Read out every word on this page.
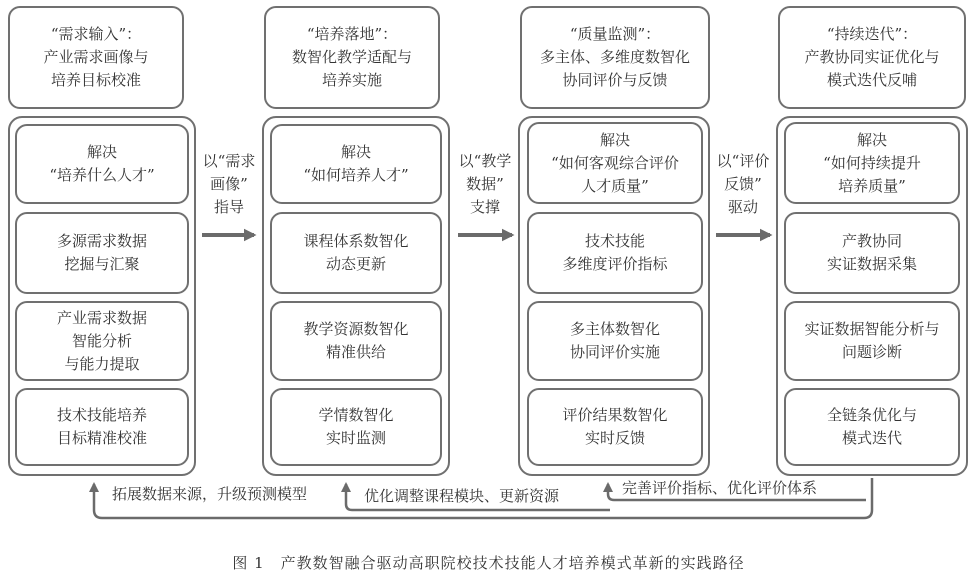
“需求输入”：
产业需求画像与
培养目标校准
解决
“培养什么人才”
多源需求数据
挖掘与汇聚
产业需求数据
智能分析
与能力提取
技术技能培养
目标精准校准
“培养落地”：
数智化教学适配与
培养实施
解决
“如何培养人才”
课程体系数智化
动态更新
教学资源数智化
精准供给
学情数智化
实时监测
“质量监测”：
多主体、多维度数智化
协同评价与反馈
解决
“如何客观综合评价
人才质量”
技术技能
多维度评价指标
多主体数智化
协同评价实施
评价结果数智化
实时反馈
“持续迭代”：
产教协同实证优化与
模式迭代反哺
解决
“如何持续提升
培养质量”
产教协同
实证数据采集
实证数据智能分析与
问题诊断
全链条优化与
模式迭代
以“需求
画像”
指导
以“教学
数据”
支撑
以“评价
反馈”
驱动
拓展数据来源，升级预测模型	优化调整课程模块、更新资源	完善评价指标、优化评价体系
图 1　产教数智融合驱动高职院校技术技能人才培养模式革新的实践路径
